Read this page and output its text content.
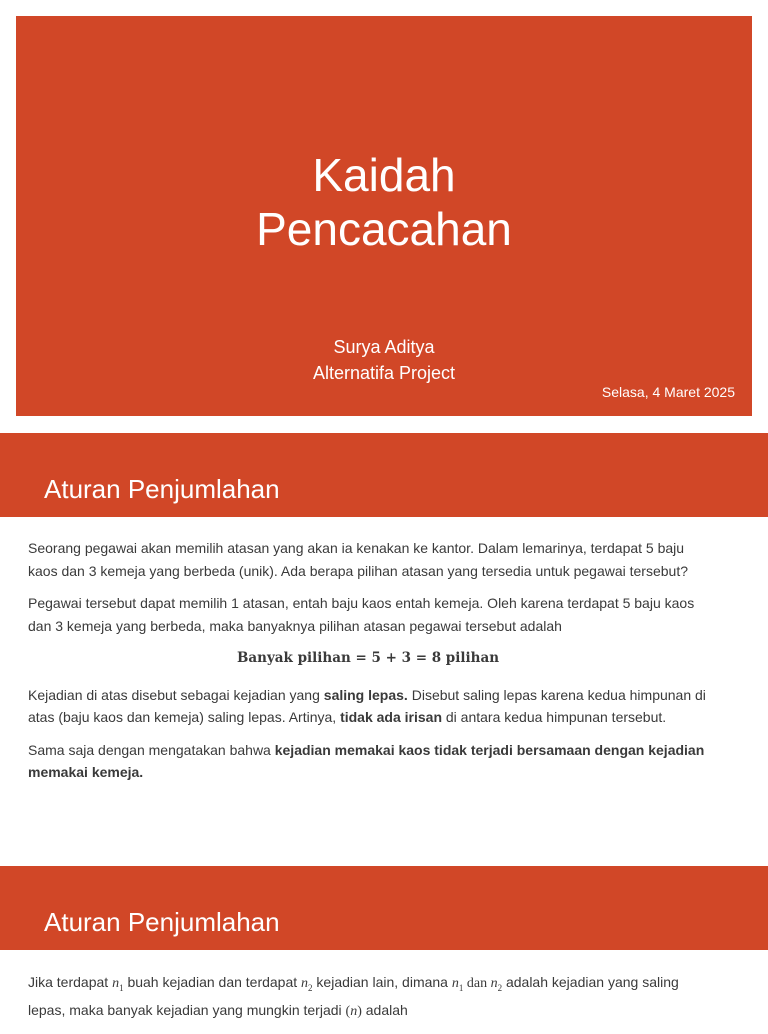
Kaidah
Pencacahan
Surya Aditya
Alternatifa Project
Selasa, 4 Maret 2025
Aturan Penjumlahan

Seorang pegawai akan memilih atasan yang akan ia kenakan ke kantor. Dalam lemarinya, terdapat 5 baju kaos dan 3 kemeja yang berbeda (unik). Ada berapa pilihan atasan yang tersedia untuk pegawai tersebut?

Pegawai tersebut dapat memilih 1 atasan, entah baju kaos entah kemeja. Oleh karena terdapat 5 baju kaos dan 3 kemeja yang berbeda, maka banyaknya pilihan atasan pegawai tersebut adalah

Banyak pilihan = 5 + 3 = 8 pilihan

Kejadian di atas disebut sebagai kejadian yang saling lepas. Disebut saling lepas karena kedua himpunan di atas (baju kaos dan kemeja) saling lepas. Artinya, tidak ada irisan di antara kedua himpunan tersebut.

Sama saja dengan mengatakan bahwa kejadian memakai kaos tidak terjadi bersamaan dengan kejadian memakai kemeja.

Aturan Penjumlahan

Jika terdapat $n_1$ buah kejadian dan terdapat $n_2$ kejadian lain, dimana $n_1$ dan $n_2$ adalah kejadian yang saling lepas, maka banyak kejadian yang mungkin terjadi (n) adalah
